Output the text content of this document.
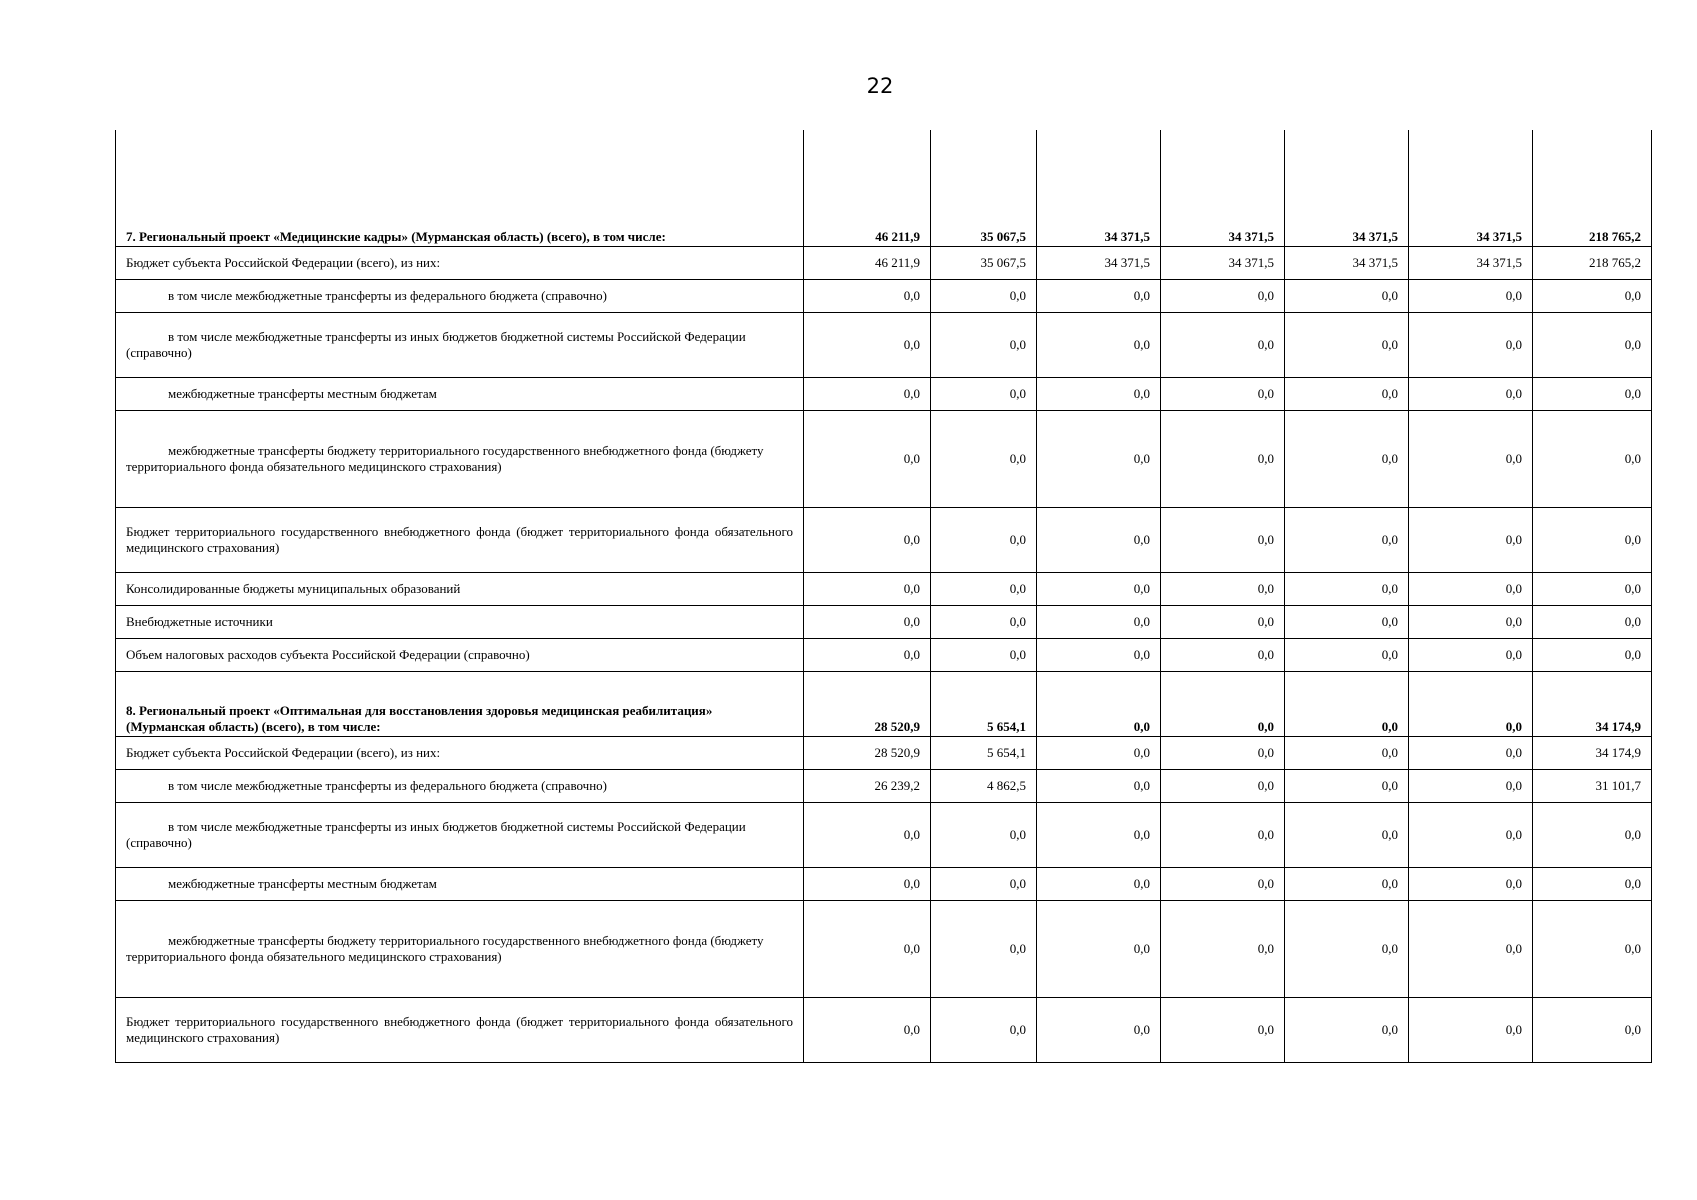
22
7. Региональный проект «Медицинские кадры» (Мурманская область) (всего), в том числе:	46 211,9	35 067,5	34 371,5	34 371,5	34 371,5	34 371,5	218 765,2
Бюджет субъекта Российской Федерации (всего), из них:	46 211,9	35 067,5	34 371,5	34 371,5	34 371,5	34 371,5	218 765,2
в том числе межбюджетные трансферты из федерального бюджета (справочно)	0,0	0,0	0,0	0,0	0,0	0,0	0,0
в том числе межбюджетные трансферты из иных бюджетов бюджетной системы Российской Федерации (справочно)	0,0	0,0	0,0	0,0	0,0	0,0	0,0
межбюджетные трансферты местным бюджетам	0,0	0,0	0,0	0,0	0,0	0,0	0,0
межбюджетные трансферты бюджету территориального государственного внебюджетного фонда (бюджету территориального фонда обязательного медицинского страхования)	0,0	0,0	0,0	0,0	0,0	0,0	0,0
Бюджет территориального государственного внебюджетного фонда (бюджет территориального фонда обязательного медицинского страхования)	0,0	0,0	0,0	0,0	0,0	0,0	0,0
Консолидированные бюджеты муниципальных образований	0,0	0,0	0,0	0,0	0,0	0,0	0,0
Внебюджетные источники	0,0	0,0	0,0	0,0	0,0	0,0	0,0
Объем налоговых расходов субъекта Российской Федерации (справочно)	0,0	0,0	0,0	0,0	0,0	0,0	0,0
8. Региональный проект «Оптимальная для восстановления здоровья медицинская реабилитация» (Мурманская область) (всего), в том числе:	28 520,9	5 654,1	0,0	0,0	0,0	0,0	34 174,9
Бюджет субъекта Российской Федерации (всего), из них:	28 520,9	5 654,1	0,0	0,0	0,0	0,0	34 174,9
в том числе межбюджетные трансферты из федерального бюджета (справочно)	26 239,2	4 862,5	0,0	0,0	0,0	0,0	31 101,7
в том числе межбюджетные трансферты из иных бюджетов бюджетной системы Российской Федерации (справочно)	0,0	0,0	0,0	0,0	0,0	0,0	0,0
межбюджетные трансферты местным бюджетам	0,0	0,0	0,0	0,0	0,0	0,0	0,0
межбюджетные трансферты бюджету территориального государственного внебюджетного фонда (бюджету территориального фонда обязательного медицинского страхования)	0,0	0,0	0,0	0,0	0,0	0,0	0,0
Бюджет территориального государственного внебюджетного фонда (бюджет территориального фонда обязательного медицинского страхования)	0,0	0,0	0,0	0,0	0,0	0,0	0,0
